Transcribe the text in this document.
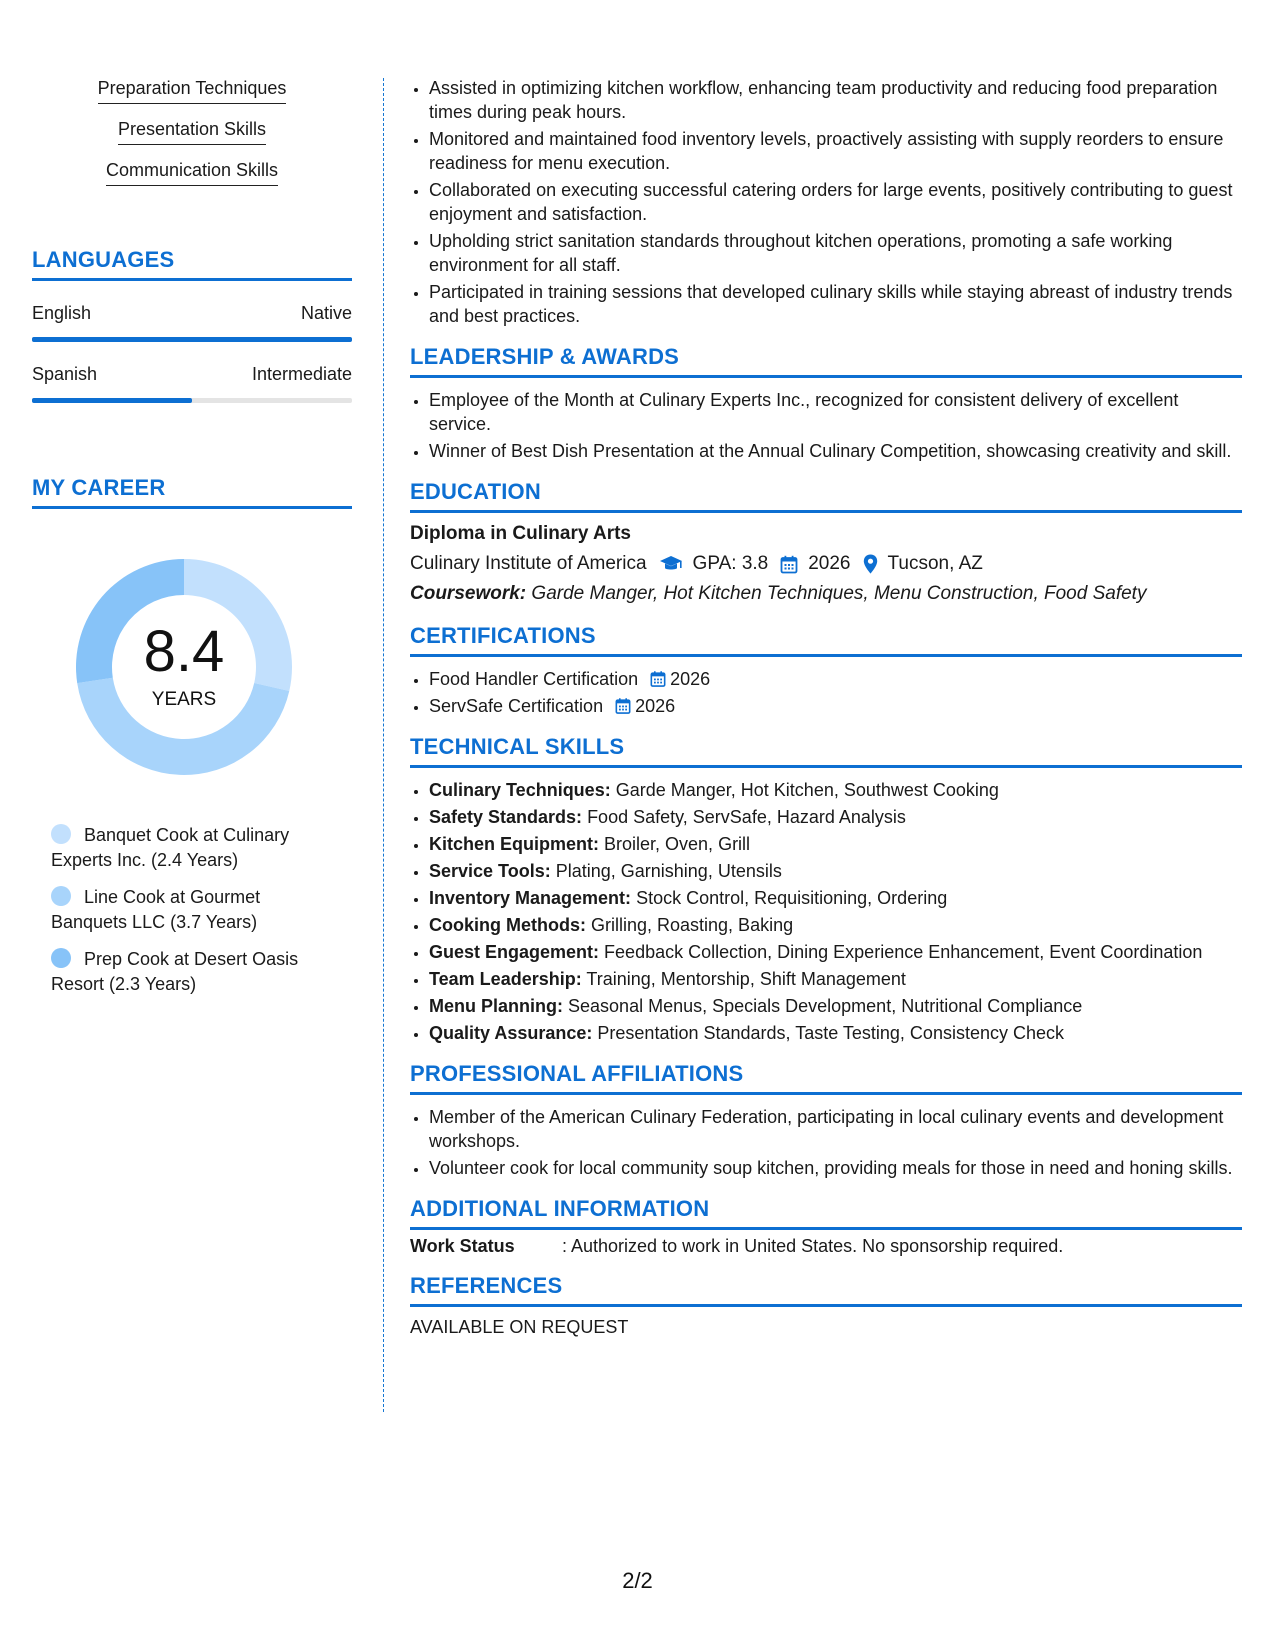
Preparation Techniques
Presentation Skills
Communication Skills
LANGUAGES
English	Native
Spanish	Intermediate
MY CAREER
8.4
YEARS
Banquet Cook at Culinary Experts Inc. (2.4 Years)
Line Cook at Gourmet Banquets LLC (3.7 Years)
Prep Cook at Desert Oasis Resort (2.3 Years)
• Assisted in optimizing kitchen workflow, enhancing team productivity and reducing food preparation times during peak hours.
• Monitored and maintained food inventory levels, proactively assisting with supply reorders to ensure readiness for menu execution.
• Collaborated on executing successful catering orders for large events, positively contributing to guest enjoyment and satisfaction.
• Upholding strict sanitation standards throughout kitchen operations, promoting a safe working environment for all staff.
• Participated in training sessions that developed culinary skills while staying abreast of industry trends and best practices.
LEADERSHIP & AWARDS
• Employee of the Month at Culinary Experts Inc., recognized for consistent delivery of excellent service.
• Winner of Best Dish Presentation at the Annual Culinary Competition, showcasing creativity and skill.
EDUCATION
Diploma in Culinary Arts
Culinary Institute of America GPA: 3.8 2026 Tucson, AZ
Coursework: Garde Manger, Hot Kitchen Techniques, Menu Construction, Food Safety
CERTIFICATIONS
• Food Handler Certification 2026
• ServSafe Certification 2026
TECHNICAL SKILLS
• Culinary Techniques: Garde Manger, Hot Kitchen, Southwest Cooking
• Safety Standards: Food Safety, ServSafe, Hazard Analysis
• Kitchen Equipment: Broiler, Oven, Grill
• Service Tools: Plating, Garnishing, Utensils
• Inventory Management: Stock Control, Requisitioning, Ordering
• Cooking Methods: Grilling, Roasting, Baking
• Guest Engagement: Feedback Collection, Dining Experience Enhancement, Event Coordination
• Team Leadership: Training, Mentorship, Shift Management
• Menu Planning: Seasonal Menus, Specials Development, Nutritional Compliance
• Quality Assurance: Presentation Standards, Taste Testing, Consistency Check
PROFESSIONAL AFFILIATIONS
• Member of the American Culinary Federation, participating in local culinary events and development workshops.
• Volunteer cook for local community soup kitchen, providing meals for those in need and honing skills.
ADDITIONAL INFORMATION
Work Status	: Authorized to work in United States. No sponsorship required.
REFERENCES
AVAILABLE ON REQUEST
2/2
